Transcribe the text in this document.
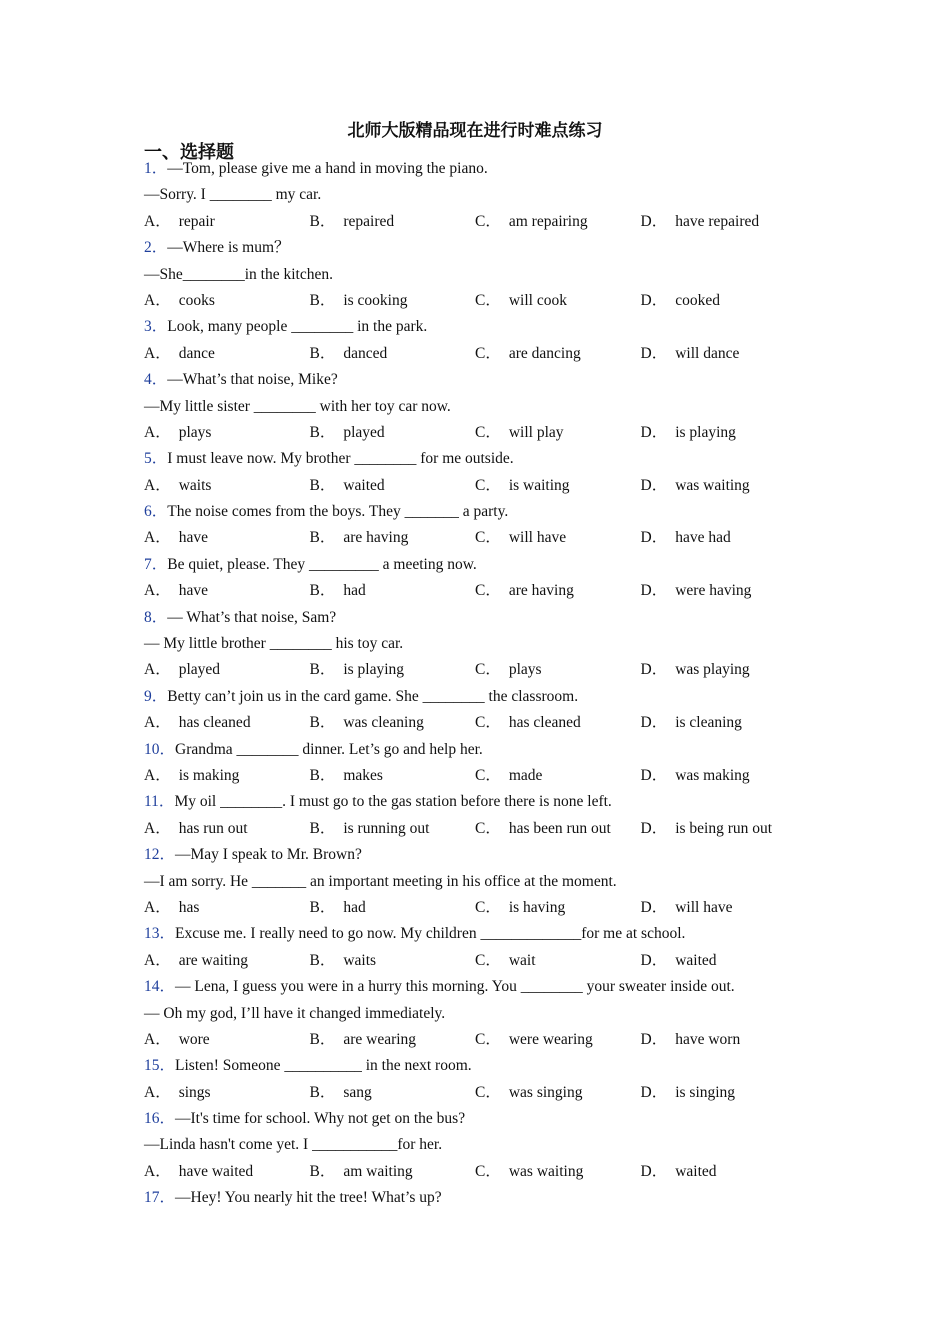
北师大版精品现在进行时难点练习
一、选择题
1．—Tom, please give me a hand in moving the piano.
—Sorry. I ________ my car.
A． repair	B． repaired	C． am repairing	D． have repaired
2．—Where is mum？
—She________in the kitchen.
A． cooks	B． is cooking	C． will cook	D． cooked
3．Look, many people ________ in the park.
A． dance	B． danced	C． are dancing	D． will dance
4．—What’s that noise, Mike?
—My little sister ________ with her toy car now.
A． plays	B． played	C． will play	D． is playing
5．I must leave now. My brother ________ for me outside.
A． waits	B． waited	C． is waiting	D． was waiting
6．The noise comes from the boys. They _______ a party.
A． have	B． are having	C． will have	D． have had
7．Be quiet, please. They _________ a meeting now.
A． have	B． had	C． are having	D． were having
8．— What’s that noise, Sam?
— My little brother ________ his toy car.
A． played	B． is playing	C． plays	D． was playing
9．Betty can’t join us in the card game. She ________ the classroom.
A． has cleaned	B． was cleaning	C． has cleaned	D． is cleaning
10．Grandma ________ dinner. Let’s go and help her.
A． is making	B． makes	C． made	D． was making
11．My oil ________. I must go to the gas station before there is none left.
A． has run out	B． is running out	C． has been run out	D． is being run out
12．—May I speak to Mr. Brown?
—I am sorry. He _______ an important meeting in his office at the moment.
A． has	B． had	C． is having	D． will have
13．Excuse me. I really need to go now. My children _____________for me at school.
A． are waiting	B． waits	C． wait	D． waited
14．— Lena, I guess you were in a hurry this morning. You ________ your sweater inside out.
— Oh my god, I’ll have it changed immediately.
A． wore	B． are wearing	C． were wearing	D． have worn
15．Listen! Someone __________ in the next room.
A． sings	B． sang	C． was singing	D． is singing
16．—It's time for school. Why not get on the bus?
—Linda hasn't come yet. I ___________for her.
A． have waited	B． am waiting	C． was waiting	D． waited
17．—Hey! You nearly hit the tree! What’s up?
